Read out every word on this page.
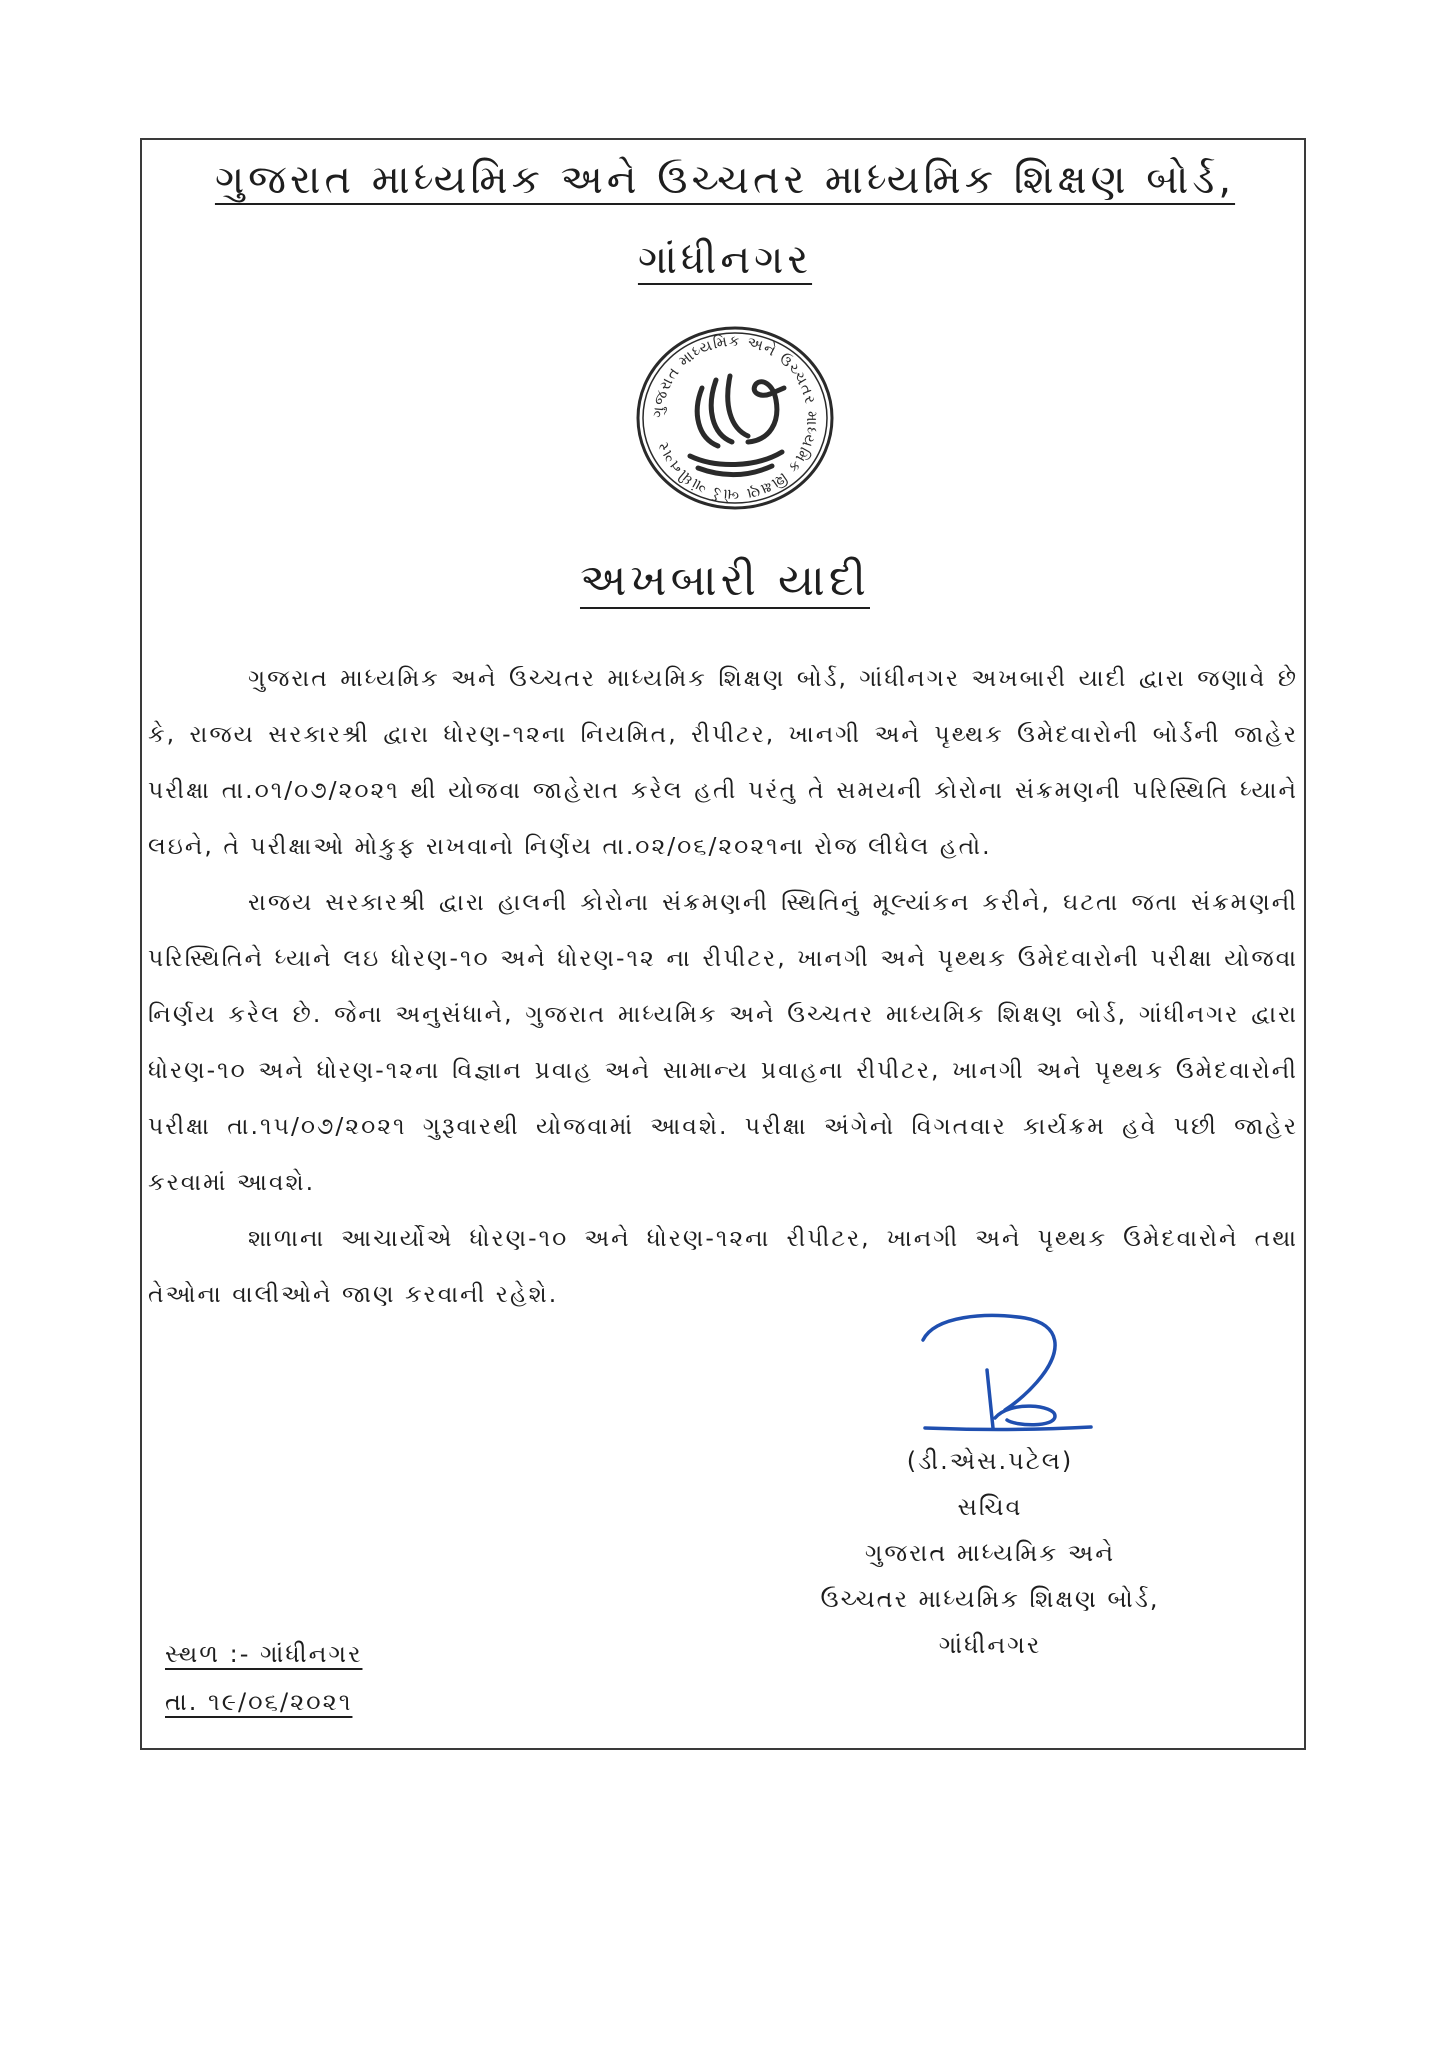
ગુજરાત માધ્યમિક અને ઉચ્ચતર માધ્યમિક શિક્ષણ બોર્ડ,
ગાંધીનગર
ગુજરાત માધ્યમિક અને ઉચ્ચતર માધ્યમિક શિક્ષણ બોર્ડ ગાંધીનગર
અખબારી યાદી

ગુજરાત માધ્યમિક અને ઉચ્ચતર માધ્યમિક શિક્ષણ બોર્ડ, ગાંધીનગર અખબારી યાદી દ્વારા જણાવે છે કે, રાજય સરકારશ્રી દ્વારા ધોરણ-૧૨ના નિયમિત, રીપીટર, ખાનગી અને પૃથ્થક ઉમેદવારોની બોર્ડની જાહેર પરીક્ષા તા.૦૧/૦૭/૨૦૨૧ થી યોજવા જાહેરાત કરેલ હતી પરંતુ તે સમયની કોરોના સંક્રમણની પરિસ્થિતિ ધ્યાને લઇને, તે પરીક્ષાઓ મોકુફ રાખવાનો નિર્ણય તા.૦૨/૦૬/૨૦૨૧ના રોજ લીધેલ હતો.

રાજય સરકારશ્રી દ્વારા હાલની કોરોના સંક્રમણની સ્થિતિનું મૂલ્યાંકન કરીને, ઘટતા જતા સંક્રમણની પરિસ્થિતિને ધ્યાને લઇ ધોરણ-૧૦ અને ધોરણ-૧૨ ના રીપીટર, ખાનગી અને પૃથ્થક ઉમેદવારોની પરીક્ષા યોજવા નિર્ણય કરેલ છે. જેના અનુસંધાને, ગુજરાત માધ્યમિક અને ઉચ્ચતર માધ્યમિક શિક્ષણ બોર્ડ, ગાંધીનગર દ્વારા ધોરણ-૧૦ અને ધોરણ-૧૨ના વિજ્ઞાન પ્રવાહ અને સામાન્ય પ્રવાહના રીપીટર, ખાનગી અને પૃથ્થક ઉમેદવારોની પરીક્ષા તા.૧૫/૦૭/૨૦૨૧ ગુરૂવારથી યોજવામાં આવશે. પરીક્ષા અંગેનો વિગતવાર કાર્યક્રમ હવે પછી જાહેર કરવામાં આવશે.

શાળાના આચાર્યોએ ધોરણ-૧૦ અને ધોરણ-૧૨ના રીપીટર, ખાનગી અને પૃથ્થક ઉમેદવારોને તથા તેઓના વાલીઓને જાણ કરવાની રહેશે.

(ડી.એસ.પટેલ)
સચિવ
ગુજરાત માધ્યમિક અને
ઉચ્ચતર માધ્યમિક શિક્ષણ બોર્ડ,
ગાંધીનગર
સ્થળ :- ગાંધીનગર
તા. ૧૯/૦૬/૨૦૨૧
